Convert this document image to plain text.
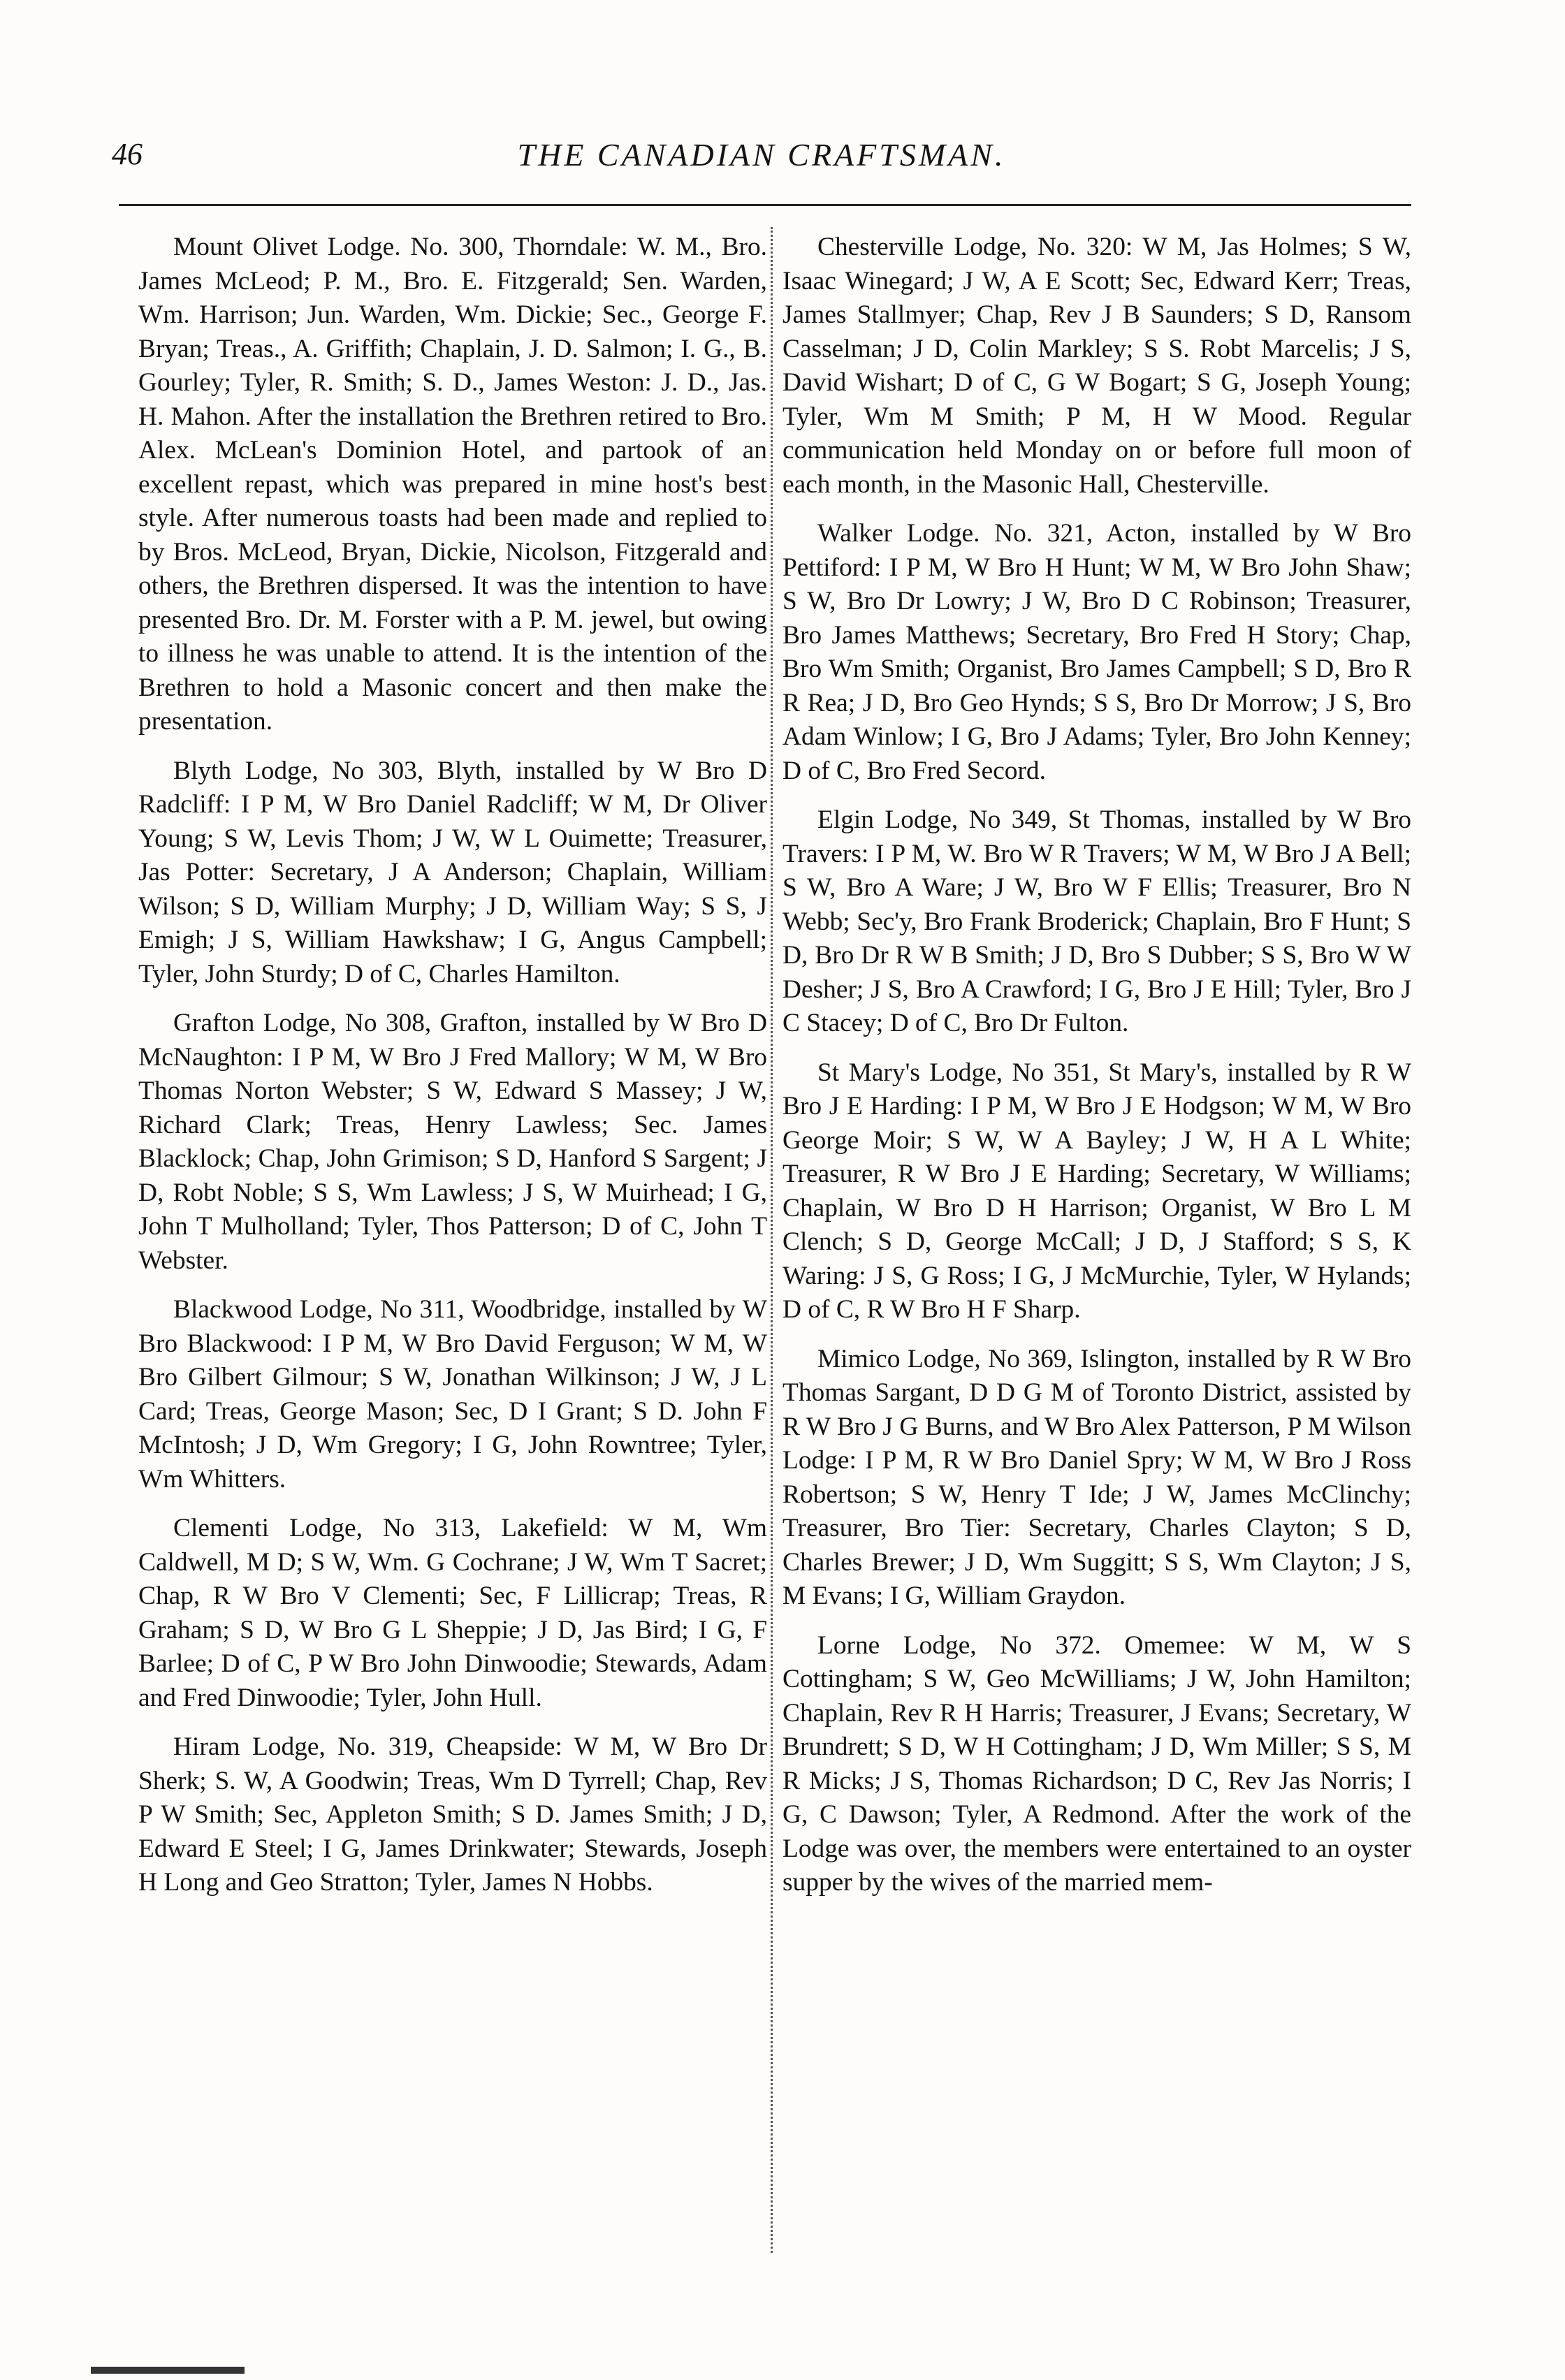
46	THE CANADIAN CRAFTSMAN.

Mount Olivet Lodge. No. 300, Thorndale: W. M., Bro. James McLeod; P. M., Bro. E. Fitzgerald; Sen. Warden, Wm. Harrison; Jun. Warden, Wm. Dickie; Sec., George F. Bryan; Treas., A. Griffith; Chaplain, J. D. Salmon; I. G., B. Gourley; Tyler, R. Smith; S. D., James Weston: J. D., Jas. H. Mahon. After the installation the Brethren retired to Bro. Alex. McLean's Dominion Hotel, and partook of an excellent repast, which was prepared in mine host's best style. After numerous toasts had been made and replied to by Bros. McLeod, Bryan, Dickie, Nicolson, Fitzgerald and others, the Brethren dispersed. It was the intention to have presented Bro. Dr. M. Forster with a P. M. jewel, but owing to illness he was unable to attend. It is the intention of the Brethren to hold a Masonic concert and then make the presentation.

Blyth Lodge, No 303, Blyth, installed by W Bro D Radcliff: I P M, W Bro Daniel Radcliff; W M, Dr Oliver Young; S W, Levis Thom; J W, W L Ouimette; Treasurer, Jas Potter: Secretary, J A Anderson; Chaplain, William Wilson; S D, William Murphy; J D, William Way; S S, J Emigh; J S, William Hawkshaw; I G, Angus Campbell; Tyler, John Sturdy; D of C, Charles Hamilton.

Grafton Lodge, No 308, Grafton, installed by W Bro D McNaughton: I P M, W Bro J Fred Mallory; W M, W Bro Thomas Norton Webster; S W, Edward S Massey; J W, Richard Clark; Treas, Henry Lawless; Sec. James Blacklock; Chap, John Grimison; S D, Hanford S Sargent; J D, Robt Noble; S S, Wm Lawless; J S, W Muirhead; I G, John T Mulholland; Tyler, Thos Patterson; D of C, John T Webster.

Blackwood Lodge, No 311, Woodbridge, installed by W Bro Blackwood: I P M, W Bro David Ferguson; W M, W Bro Gilbert Gilmour; S W, Jonathan Wilkinson; J W, J L Card; Treas, George Mason; Sec, D I Grant; S D. John F McIntosh; J D, Wm Gregory; I G, John Rowntree; Tyler, Wm Whitters.

Clementi Lodge, No 313, Lakefield: W M, Wm Caldwell, M D; S W, Wm. G Cochrane; J W, Wm T Sacret; Chap, R W Bro V Clementi; Sec, F Lillicrap; Treas, R Graham; S D, W Bro G L Sheppie; J D, Jas Bird; I G, F Barlee; D of C, P W Bro John Dinwoodie; Stewards, Adam and Fred Dinwoodie; Tyler, John Hull.

Hiram Lodge, No. 319, Cheapside: W M, W Bro Dr Sherk; S. W, A Goodwin; Treas, Wm D Tyrrell; Chap, Rev P W Smith; Sec, Appleton Smith; S D. James Smith; J D, Edward E Steel; I G, James Drinkwater; Stewards, Joseph H Long and Geo Stratton; Tyler, James N Hobbs.

Chesterville Lodge, No. 320: W M, Jas Holmes; S W, Isaac Winegard; J W, A E Scott; Sec, Edward Kerr; Treas, James Stallmyer; Chap, Rev J B Saunders; S D, Ransom Casselman; J D, Colin Markley; S S. Robt Marcelis; J S, David Wishart; D of C, G W Bogart; S G, Joseph Young; Tyler, Wm M Smith; P M, H W Mood. Regular communication held Monday on or before full moon of each month, in the Masonic Hall, Chesterville.

Walker Lodge. No. 321, Acton, installed by W Bro Pettiford: I P M, W Bro H Hunt; W M, W Bro John Shaw; S W, Bro Dr Lowry; J W, Bro D C Robinson; Treasurer, Bro James Matthews; Secretary, Bro Fred H Story; Chap, Bro Wm Smith; Organist, Bro James Campbell; S D, Bro R R Rea; J D, Bro Geo Hynds; S S, Bro Dr Morrow; J S, Bro Adam Winlow; I G, Bro J Adams; Tyler, Bro John Kenney; D of C, Bro Fred Secord.

Elgin Lodge, No 349, St Thomas, installed by W Bro Travers: I P M, W. Bro W R Travers; W M, W Bro J A Bell; S W, Bro A Ware; J W, Bro W F Ellis; Treasurer, Bro N Webb; Sec'y, Bro Frank Broderick; Chaplain, Bro F Hunt; S D, Bro Dr R W B Smith; J D, Bro S Dubber; S S, Bro W W Desher; J S, Bro A Crawford; I G, Bro J E Hill; Tyler, Bro J C Stacey; D of C, Bro Dr Fulton.

St Mary's Lodge, No 351, St Mary's, installed by R W Bro J E Harding: I P M, W Bro J E Hodgson; W M, W Bro George Moir; S W, W A Bayley; J W, H A L White; Treasurer, R W Bro J E Harding; Secretary, W Williams; Chaplain, W Bro D H Harrison; Organist, W Bro L M Clench; S D, George McCall; J D, J Stafford; S S, K Waring: J S, G Ross; I G, J McMurchie, Tyler, W Hylands; D of C, R W Bro H F Sharp.

Mimico Lodge, No 369, Islington, installed by R W Bro Thomas Sargant, D D G M of Toronto District, assisted by R W Bro J G Burns, and W Bro Alex Patterson, P M Wilson Lodge: I P M, R W Bro Daniel Spry; W M, W Bro J Ross Robertson; S W, Henry T Ide; J W, James McClinchy; Treasurer, Bro Tier: Secretary, Charles Clayton; S D, Charles Brewer; J D, Wm Suggitt; S S, Wm Clayton; J S, M Evans; I G, William Graydon.

Lorne Lodge, No 372. Omemee: W M, W S Cottingham; S W, Geo McWilliams; J W, John Hamilton; Chaplain, Rev R H Harris; Treasurer, J Evans; Secretary, W Brundrett; S D, W H Cottingham; J D, Wm Miller; S S, M R Micks; J S, Thomas Richardson; D C, Rev Jas Norris; I G, C Dawson; Tyler, A Redmond. After the work of the Lodge was over, the members were entertained to an oyster supper by the wives of the married mem-
